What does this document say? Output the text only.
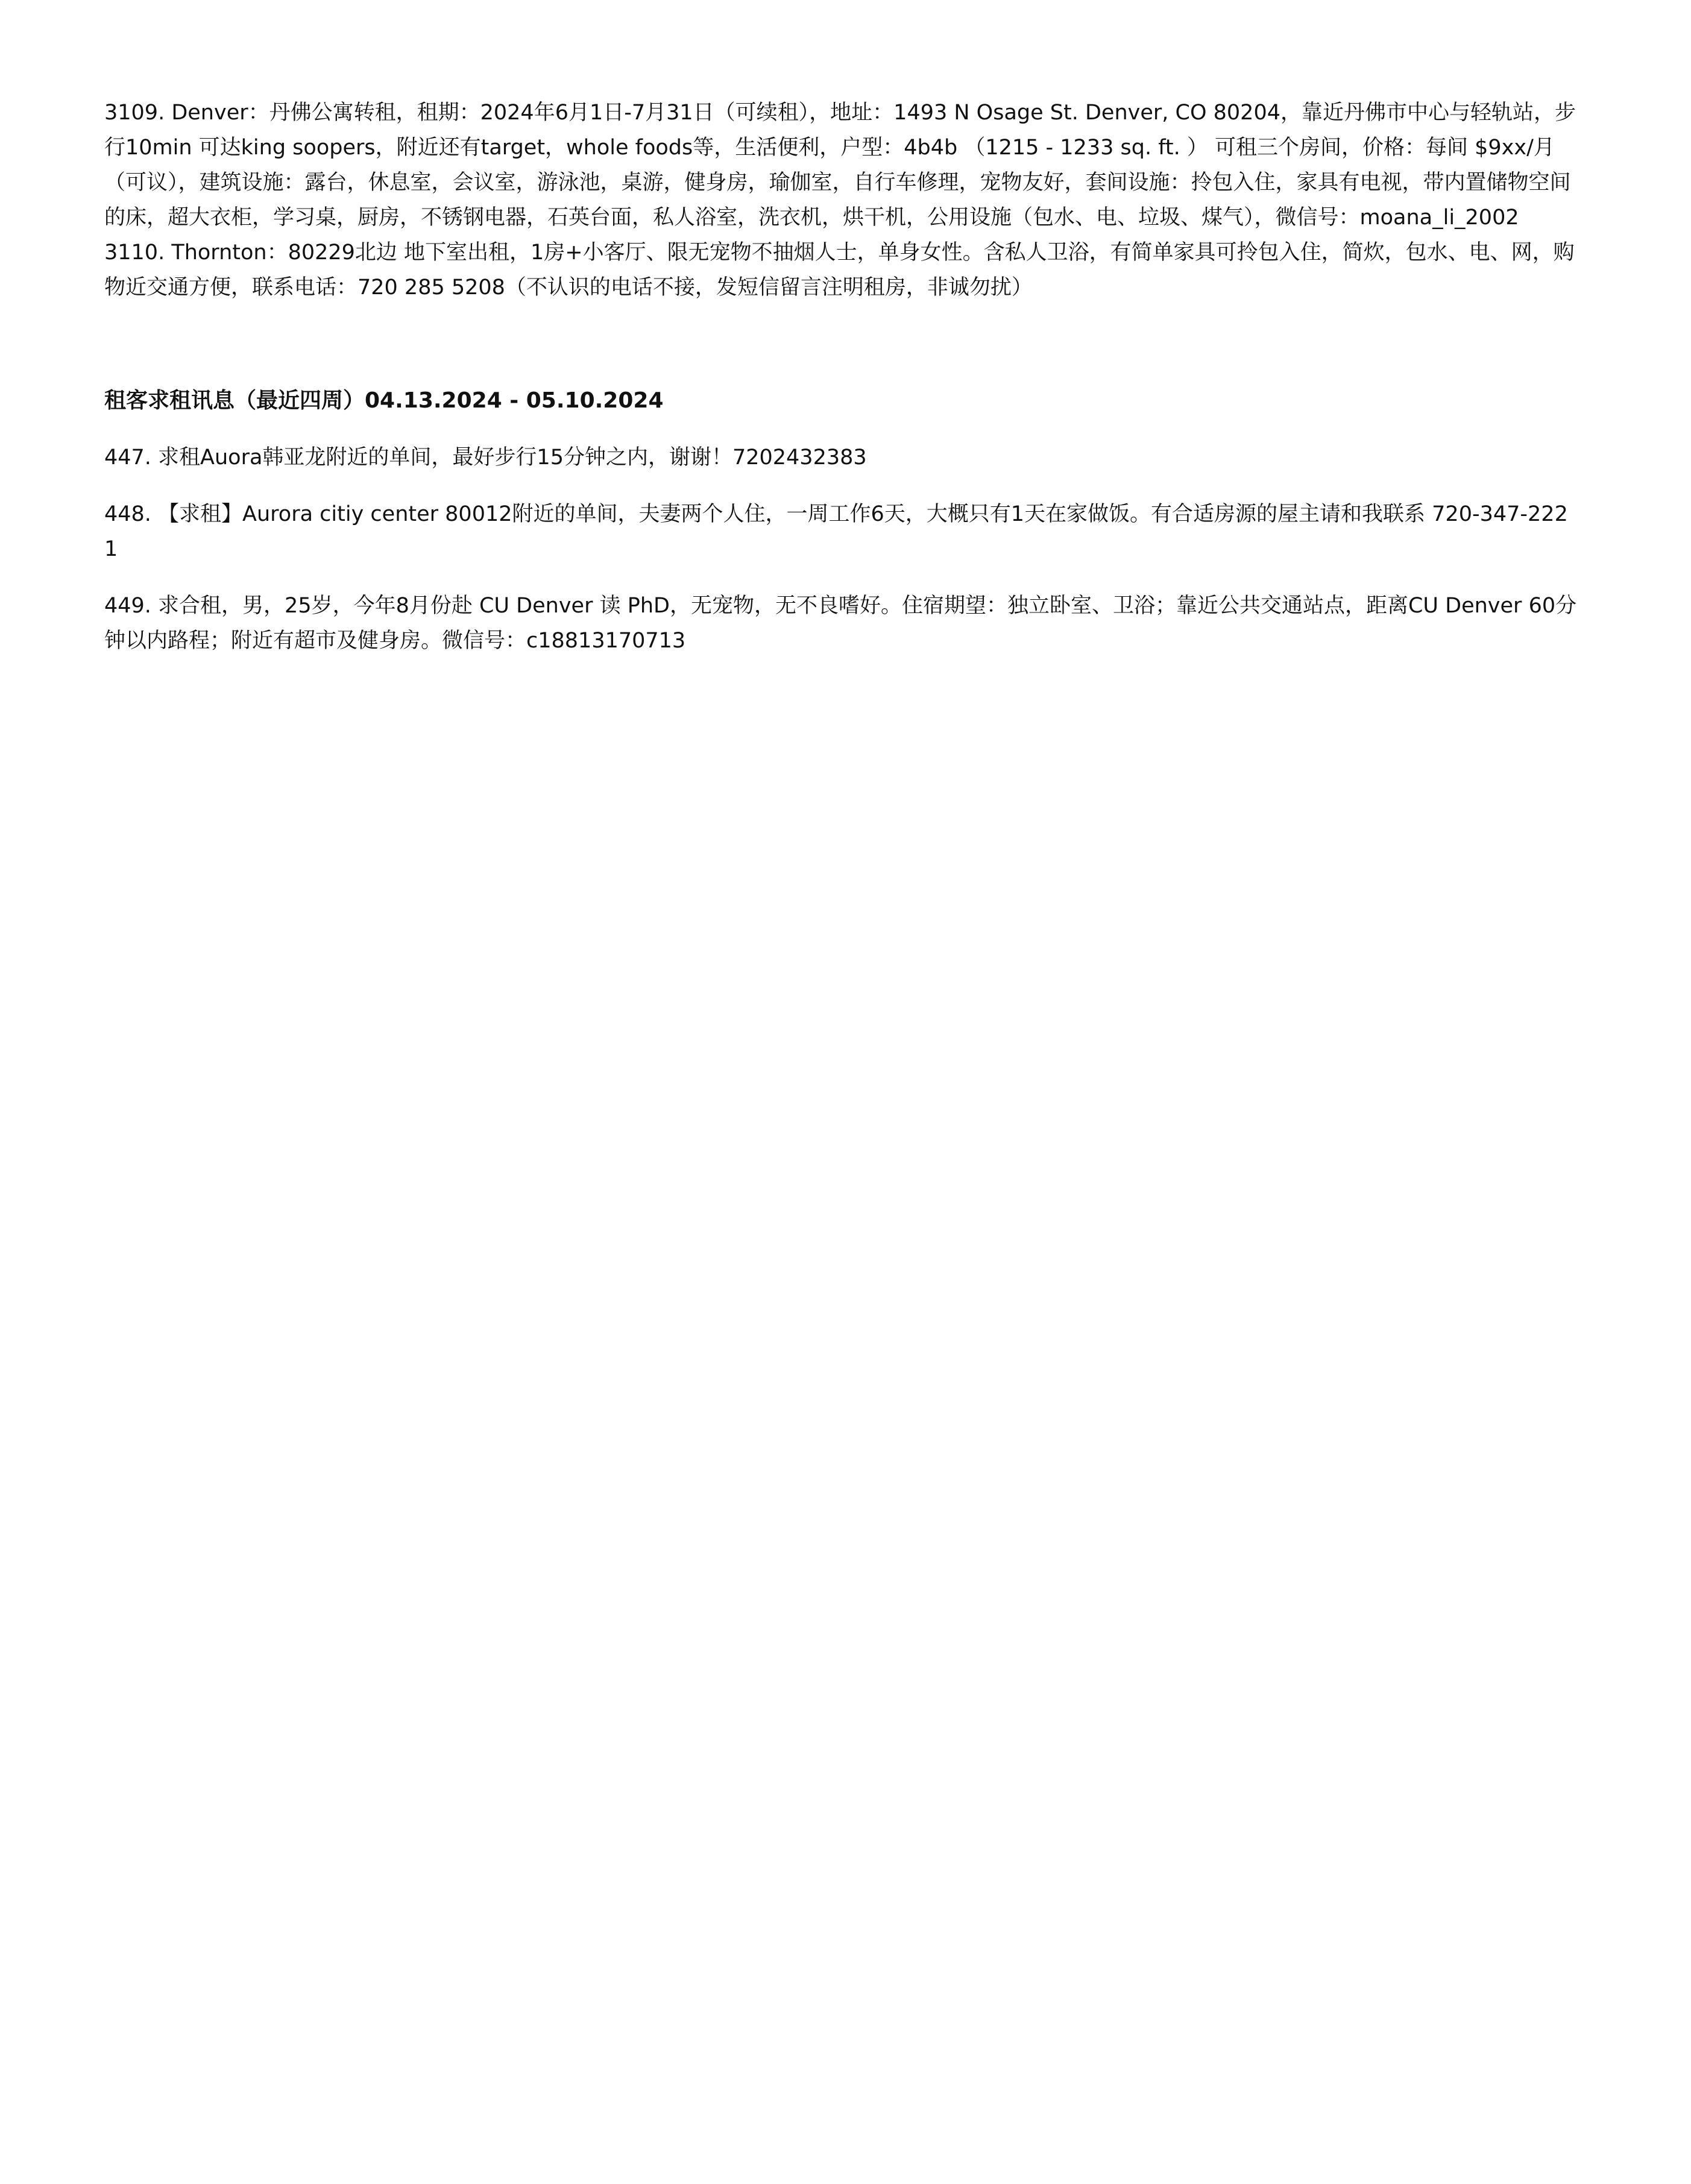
3109. Denver：丹佛公寓转租，租期：2024年6月1日-7月31日（可续租），地址：1493 N Osage St. Denver, CO 80204，靠近丹佛市中心与轻轨站，步行10min 可达king soopers，附近还有target，whole foods等，生活便利，户型：4b4b （1215 - 1233 sq. ft. ） 可租三个房间，价格：每间 $9xx/月（可议），建筑设施：露台，休息室，会议室，游泳池，桌游，健身房，瑜伽室，自行车修理，宠物友好，套间设施：拎包入住，家具有电视，带内置储物空间的床，超大衣柜，学习桌，厨房，不锈钢电器，石英台面，私人浴室，洗衣机，烘干机，公用设施（包水、电、垃圾、煤气），微信号：moana_li_2002

3110. Thornton：80229北边 地下室出租，1房+小客厅、限无宠物不抽烟人士，单身女性。含私人卫浴，有简单家具可拎包入住，简炊，包水、电、网，购物近交通方便，联系电话：720 285 5208（不认识的电话不接，发短信留言注明租房，非诚勿扰）

租客求租讯息（最近四周）04.13.2024 - 05.10.2024

447. 求租Auora韩亚龙附近的单间，最好步行15分钟之内，谢谢！7202432383

448. 【求租】Aurora citiy center 80012附近的单间，夫妻两个人住，一周工作6天，大概只有1天在家做饭。有合适房源的屋主请和我联系 720-347-2221

449. 求合租，男，25岁，今年8月份赴 CU Denver 读 PhD，无宠物，无不良嗜好。住宿期望：独立卧室、卫浴；靠近公共交通站点，距离CU Denver 60分钟以内路程；附近有超市及健身房。微信号：c18813170713
